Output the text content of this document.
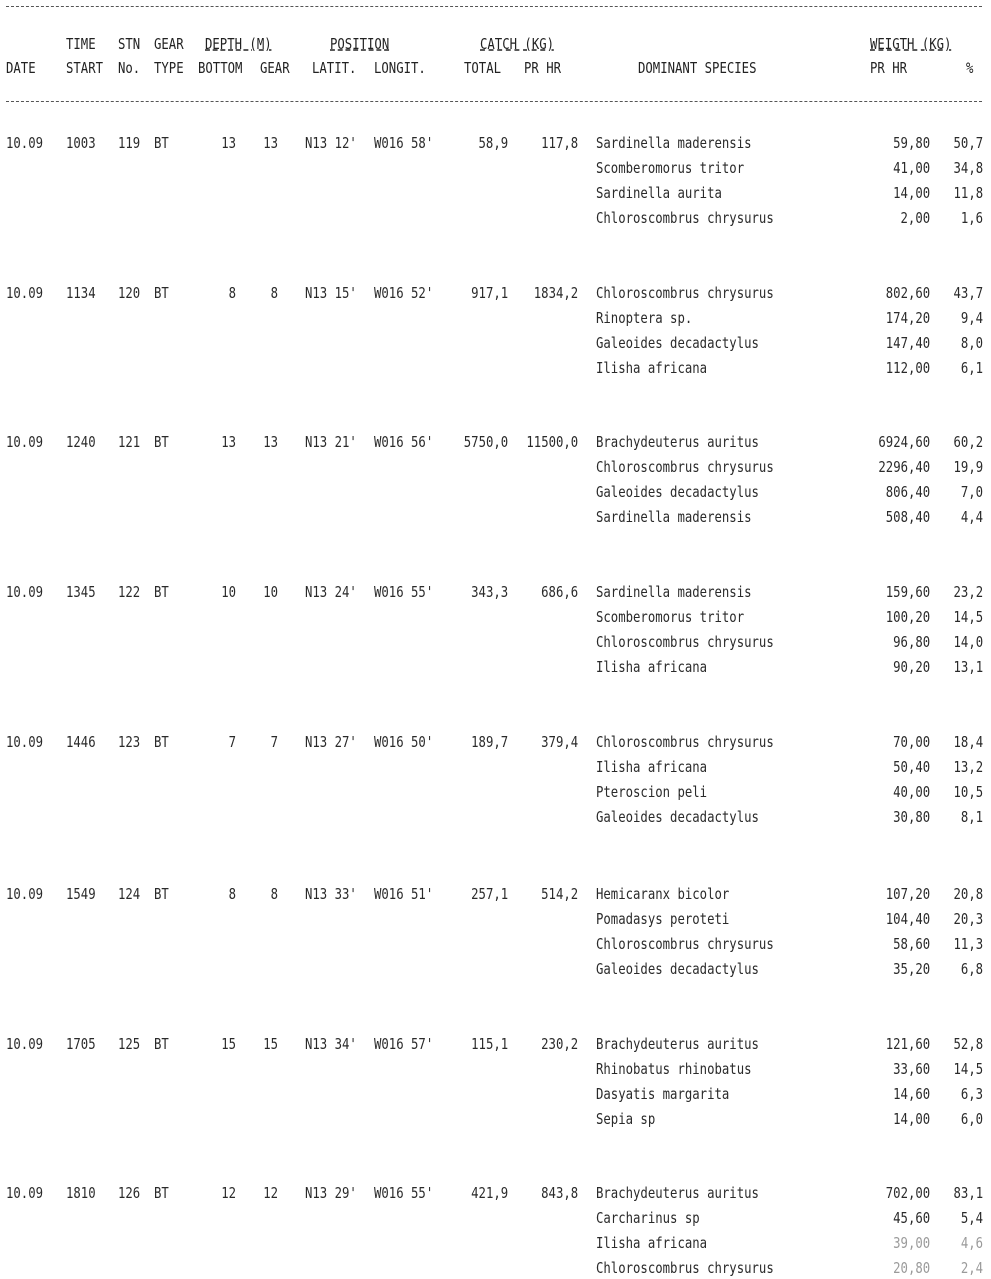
TIME STN GEAR DEPTH (M)	POSITION	CATCH (KG)	WEIGTH (KG)
DATE START No. TYPE BOTTOM GEAR LATIT. LONGIT.	TOTAL PR HR	DOMINANT SPECIES	PR HR	%
10.09 1003 119 BT	13 13 N13 12' W016 58'	58,9 117,8 Sardinella maderensis	59,80 50,7
Scomberomorus tritor	41,00 34,8
Sardinella aurita	14,00 11,8
Chloroscombrus chrysurus	2,00 1,6
10.09 1134 120 BT	8 8 N13 15' W016 52'	917,1 1834,2 Chloroscombrus chrysurus	802,60 43,7
Rinoptera sp.	174,20 9,4
Galeoides decadactylus	147,40 8,0
Ilisha africana	112,00 6,1
10.09 1240 121 BT	13 13 N13 21' W016 56' 5750,0 11500,0 Brachydeuterus auritus	6924,60 60,2
Chloroscombrus chrysurus	2296,40 19,9
Galeoides decadactylus	806,40 7,0
Sardinella maderensis	508,40 4,4
10.09 1345 122 BT	10 10 N13 24' W016 55'	343,3 686,6 Sardinella maderensis	159,60 23,2
Scomberomorus tritor	100,20 14,5
Chloroscombrus chrysurus	96,80 14,0
Ilisha africana	90,20 13,1
10.09 1446 123 BT	7 7 N13 27' W016 50'	189,7 379,4 Chloroscombrus chrysurus	70,00 18,4
Ilisha africana	50,40 13,2
Pteroscion peli	40,00 10,5
Galeoides decadactylus	30,80 8,1
10.09 1549 124 BT	8 8 N13 33' W016 51'	257,1 514,2 Hemicaranx bicolor	107,20 20,8
Pomadasys peroteti	104,40 20,3
Chloroscombrus chrysurus	58,60 11,3
Galeoides decadactylus	35,20 6,8
10.09 1705 125 BT	15 15 N13 34' W016 57'	115,1 230,2 Brachydeuterus auritus	121,60 52,8
Rhinobatus rhinobatus	33,60 14,5
Dasyatis margarita	14,60 6,3
Sepia sp	14,00 6,0
10.09 1810 126 BT	12 12 N13 29' W016 55'	421,9 843,8 Brachydeuterus auritus	702,00 83,1
Carcharinus sp	45,60 5,4
Ilisha africana	39,00 4,6
Chloroscombrus chrysurus	20,80 2,4
